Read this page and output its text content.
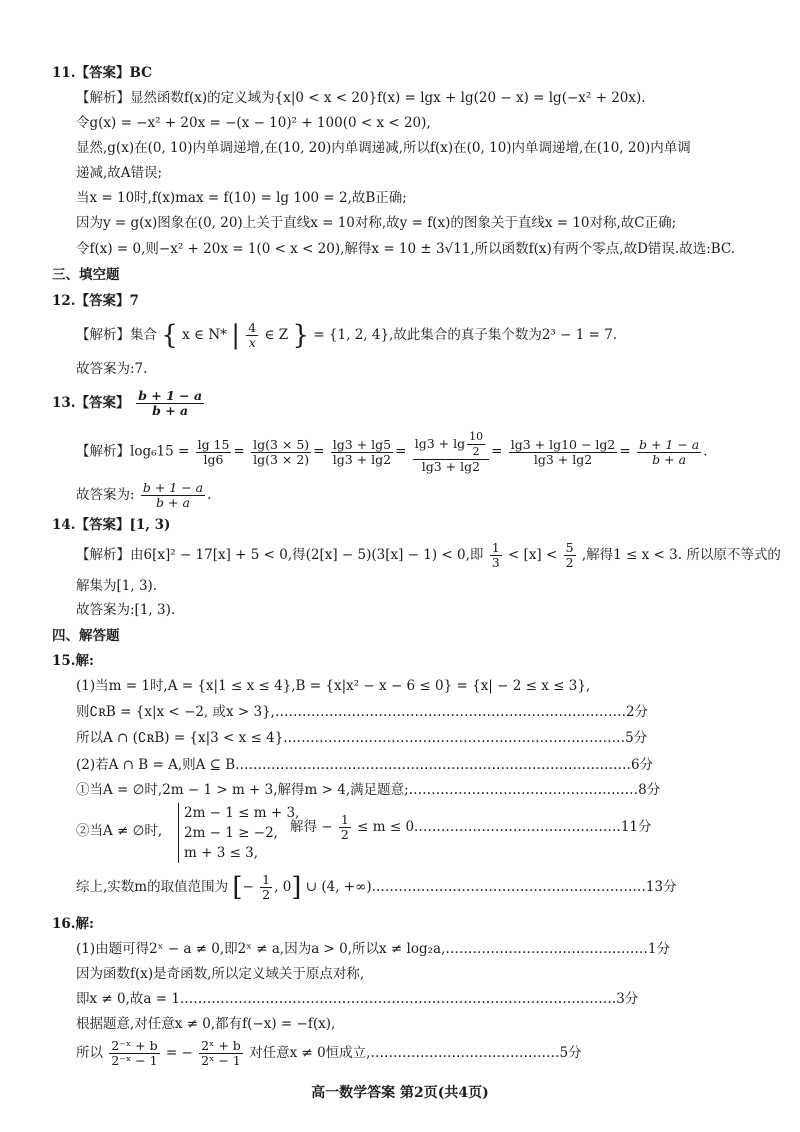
11.【答案】BC
【解析】显然函数f(x)的定义域为{x|0 < x < 20}f(x) = lgx + lg(20 − x) = lg(−x² + 20x).
令g(x) = −x² + 20x = −(x − 10)² + 100(0 < x < 20),
显然,g(x)在(0, 10)内单调递增,在(10, 20)内单调递减,所以f(x)在(0, 10)内单调递增,在(10, 20)内单调
递减,故A错误;
当x = 10时,f(x)max = f(10) = lg 100 = 2,故B正确;
因为y = g(x)图象在(0, 20)上关于直线x = 10对称,故y = f(x)的图象关于直线x = 10对称,故C正确;
令f(x) = 0,则−x² + 20x = 1(0 < x < 20),解得x = 10 ± 3√11,所以函数f(x)有两个零点,故D错误.故选:BC.
三、填空题
12.【答案】7
【解析】集合 { x ∈ N* | $\frac{4}{x}$ ∈ Z } = {1, 2, 4},故此集合的真子集个数为2³ − 1 = 7.
故答案为:7.
13.【答案】 $\frac{b + 1 - a}{b + a}$
【解析】$\log_615 = \frac{\lg 15}{\lg 6} = \frac{\lg(3 \times 5)}{\lg(3 \times 2)} = \frac{\lg 3 + \lg 5}{\lg 3 + \lg 2} = \frac{\lg 3 + \lg \frac{10}{2}}{\lg 3 + \lg 2} = \frac{\lg 3 + \lg 10 - \lg 2}{\lg 3 + \lg 2} = \frac{b + 1 - a}{b + a}$ .
故答案为: $\frac{b + 1 - a}{b + a}$ .
14.【答案】[1, 3)
【解析】由6[x]² − 17[x] + 5 < 0,得(2[x] − 5)(3[x] − 1) < 0,即 $\frac{1}{3} < [x] < \frac{5}{2}$ ,解得1 ≤ x < 3. 所以原不等式的
解集为[1, 3).
故答案为:[1, 3).
四、解答题
15.解:
(1)当m = 1时,A = {x|1 ≤ x ≤ 4},B = {x|x² − x − 6 ≤ 0} = {x| − 2 ≤ x ≤ 3},
则∁ʀB = {x|x < −2, 或x > 3},……………………………………………………………………2分
所以A ∩ (∁ʀB) = {x|3 < x ≤ 4}.…………………………………………………………………5分
(2)若A ∩ B = A,则A ⊆ B.……………………………………………………………………………6分
①当A = ∅时,2m − 1 > m + 3,解得m > 4,满足题意;……………………………………………8分
②当A ≠ ∅时,
2m − 1 ≤ m + 3,
2m − 1 ≥ −2,
m + 3 ≤ 3,
解得 − $\frac{1}{2} \le m$ ≤ 0.………………………………………11分
综上,实数m的取值范围为 [− $\frac{1}{2}$ , 0] ∪ (4, +∞).……………………………………………………13分
16.解:
(1)由题可得2ˣ − a ≠ 0,即2ˣ ≠ a,因为a > 0,所以x ≠ log₂a,………………………………………1分
因为函数f(x)是奇函数,所以定义域关于原点对称,
即x ≠ 0,故a = 1.……………………………………………………………………………………3分
根据题意,对任意x ≠ 0,都有f(−x) = −f(x),
所以 $\frac{\text{2⁻ˣ + b}}{\text{2⁻ˣ − 1}}$ = − $\frac{\text{2ˣ + b}}{\text{2ˣ − 1}}$ 对任意x ≠ 0恒成立,……………………………………5分
高一数学答案 第2页(共4页)
